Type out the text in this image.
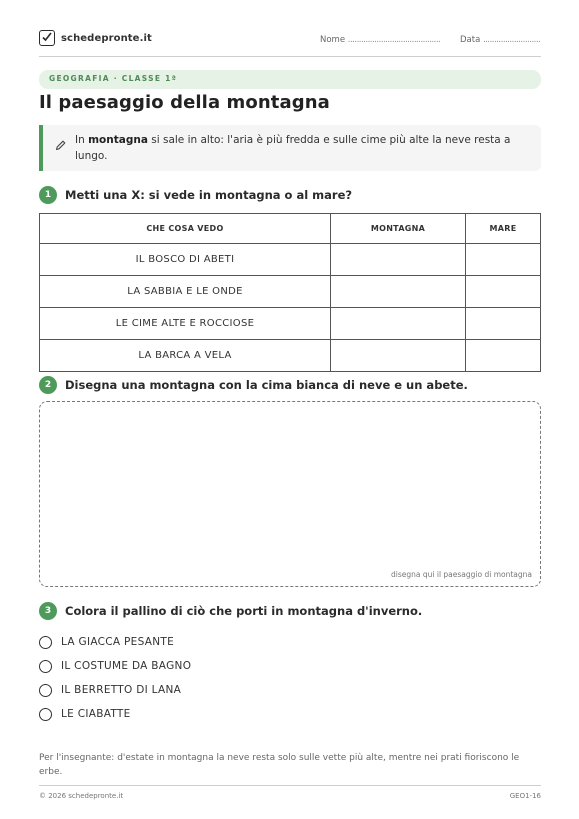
schedepronte.it	Nome .......................................... Data ..........................
GEOGRAFIA · CLASSE 1ª
Il paesaggio della montagna
In montagna si sale in alto: l'aria è più fredda e sulle cime più alte la neve resta a lungo.
1	Metti una X: si vede in montagna o al mare?
CHE COSA VEDO	MONTAGNA	MARE
IL BOSCO DI ABETI		
LA SABBIA E LE ONDE		
LE CIME ALTE E ROCCIOSE		
LA BARCA A VELA		
2	Disegna una montagna con la cima bianca di neve e un abete.
disegna qui il paesaggio di montagna
3	Colora il pallino di ciò che porti in montagna d'inverno.
LA GIACCA PESANTE
IL COSTUME DA BAGNO
IL BERRETTO DI LANA
LE CIABATTE
Per l'insegnante: d'estate in montagna la neve resta solo sulle vette più alte, mentre nei prati fioriscono le erbe.
© 2026 schedepronte.it	GEO1-16
